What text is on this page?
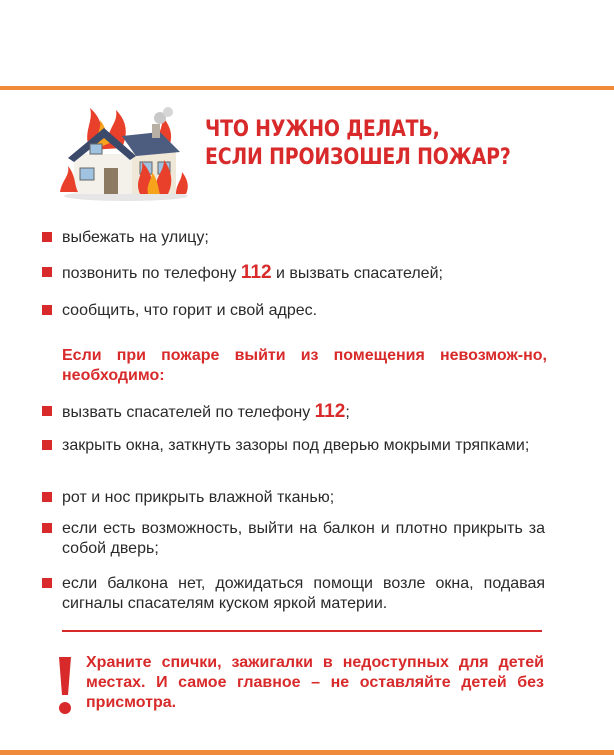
ЧТО НУЖНО ДЕЛАТЬ,
ЕСЛИ ПРОИЗОШЕЛ ПОЖАР?
выбежать на улицу;
позвонить по телефону 112 и вызвать спасателей;
сообщить, что горит и свой адрес.
Если при пожаре выйти из помещения невозмож-но, необходимо:
вызвать спасателей по телефону 112;
закрыть окна, заткнуть зазоры под дверью мокрыми тряпками;
рот и нос прикрыть влажной тканью;
если есть возможность, выйти на балкон и плотно прикрыть за собой дверь;
если балкона нет, дожидаться помощи возле окна, подавая сигналы спасателям куском яркой материи.
Храните спички, зажигалки в недоступных для детей местах. И самое главное – не оставляйте детей без присмотра.
